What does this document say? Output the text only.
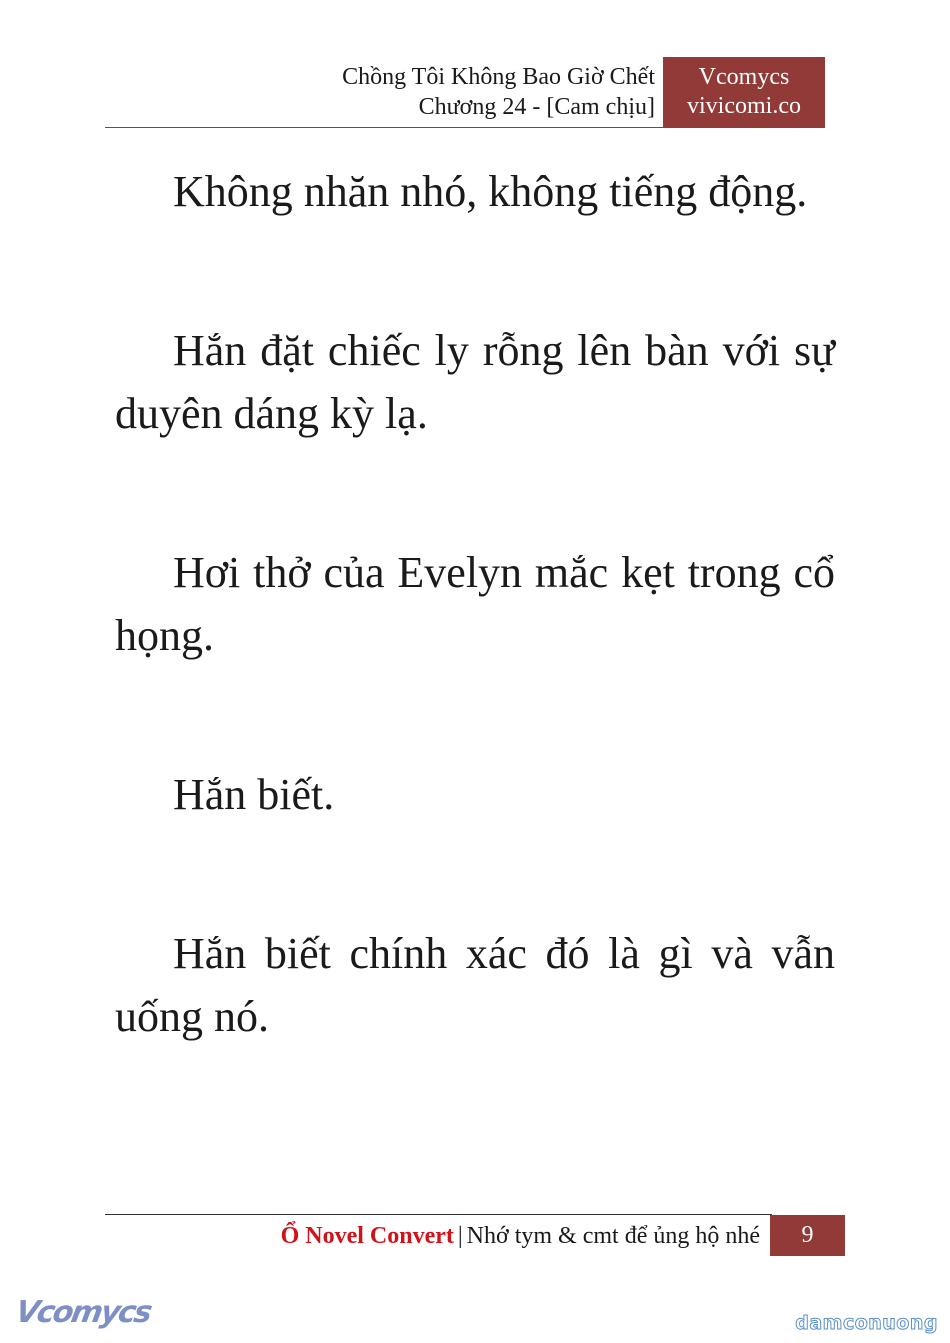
Chồng Tôi Không Bao Giờ Chết
Chương 24 - [Cam chịu]
Vcomycs
vivicomi.co

Không nhăn nhó, không tiếng động.

Hắn đặt chiếc ly rỗng lên bàn với sự duyên dáng kỳ lạ.

Hơi thở của Evelyn mắc kẹt trong cổ họng.

Hắn biết.

Hắn biết chính xác đó là gì và vẫn uống nó.

Ổ Novel Convert | Nhớ tym & cmt để ủng hộ nhé	9
Vcomycs	damconuong
